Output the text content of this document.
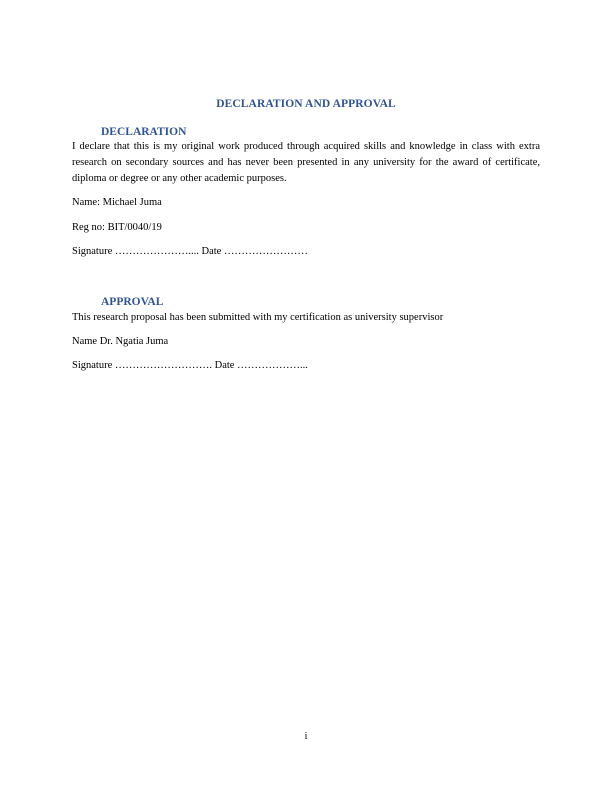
DECLARATION AND APPROVAL
DECLARATION
I declare that this is my original work produced through acquired skills and knowledge in class with extra research on secondary sources and has never been presented in any university for the award of certificate, diploma or degree or any other academic purposes.
Name: Michael Juma
Reg no: BIT/0040/19
Signature ………………….... Date ……………………
APPROVAL
This research proposal has been submitted with my certification as university supervisor
Name Dr. Ngatia Juma
Signature ………………………. Date ………………...
i
